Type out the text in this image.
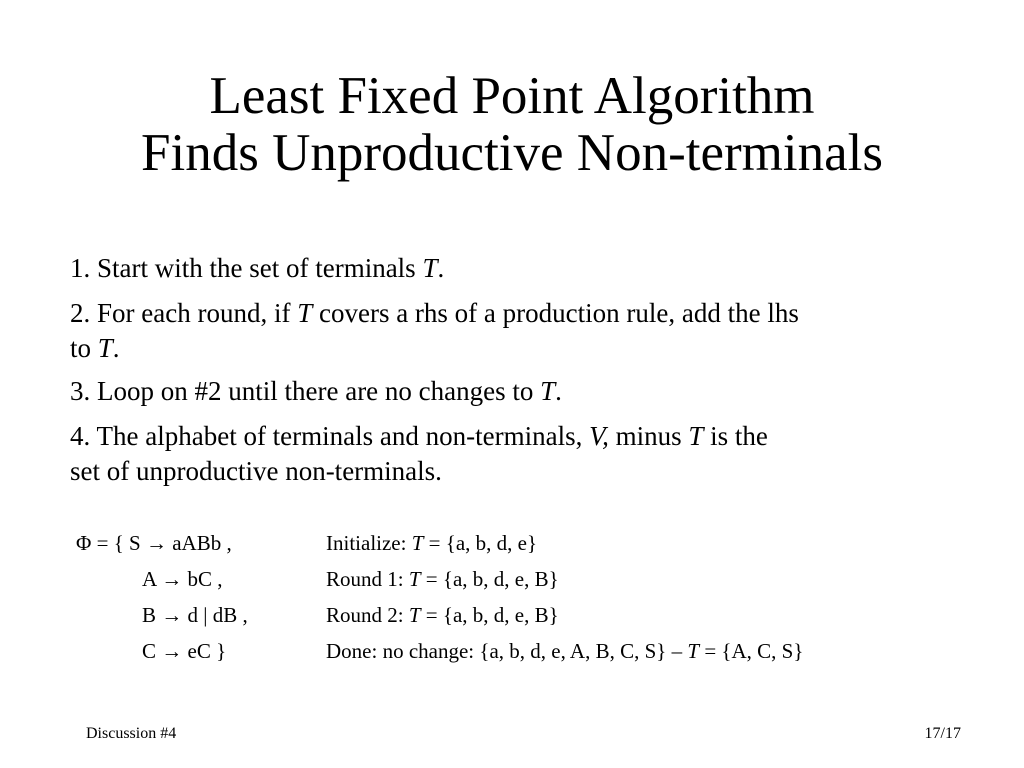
Least Fixed Point Algorithm
Finds Unproductive Non-terminals
1. Start with the set of terminals T.
2. For each round, if T covers a rhs of a production rule, add the lhs
to T.
3. Loop on #2 until there are no changes to T.
4. The alphabet of terminals and non-terminals, V, minus T is the
set of unproductive non-terminals.
Φ = { S → aABb ,	Initialize: T = {a, b, d, e}
A → bC ,	Round 1: T = {a, b, d, e, B}
B → d | dB ,	Round 2: T = {a, b, d, e, B}
C → eC }	Done: no change: {a, b, d, e, A, B, C, S} – T = {A, C, S}
Discussion #4	17/17
